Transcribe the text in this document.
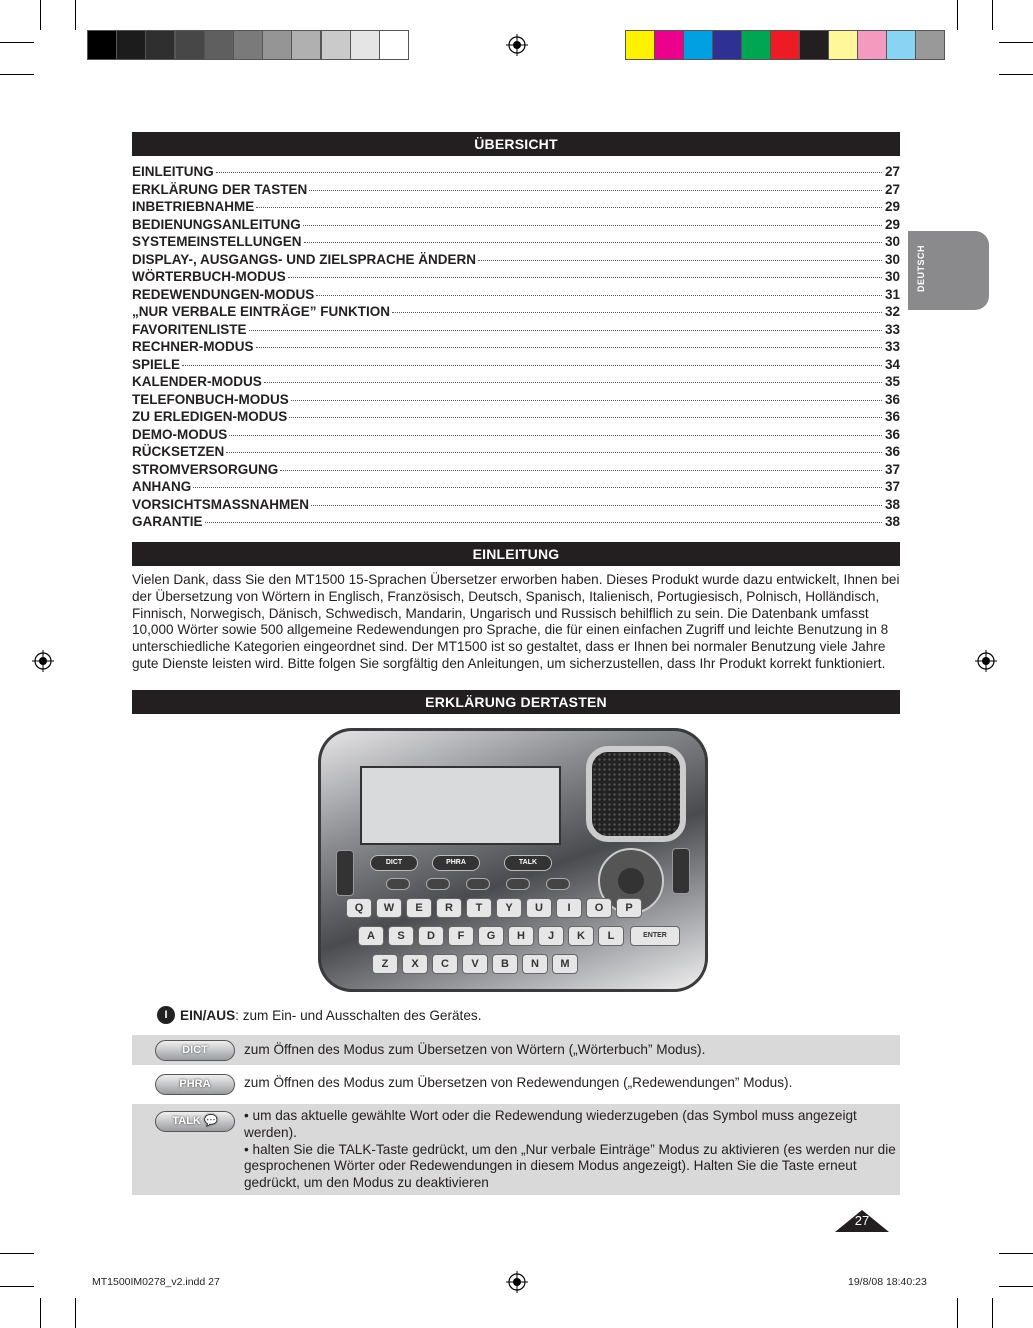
DEUTSCH
ÜBERSICHT
EINLEITUNG	27
ERKLÄRUNG DER TASTEN	27
INBETRIEBNAHME	29
BEDIENUNGSANLEITUNG	29
SYSTEMEINSTELLUNGEN	30
DISPLAY-, AUSGANGS- UND ZIELSPRACHE ÄNDERN	30
WÖRTERBUCH-MODUS	30
REDEWENDUNGEN-MODUS	31
„NUR VERBALE EINTRÄGE” FUNKTION	32
FAVORITENLISTE	33
RECHNER-MODUS	33
SPIELE	34
KALENDER-MODUS	35
TELEFONBUCH-MODUS	36
ZU ERLEDIGEN-MODUS	36
DEMO-MODUS	36
RÜCKSETZEN	36
STROMVERSORGUNG	37
ANHANG	37
VORSICHTSMASSNAHMEN	38
GARANTIE	38
EINLEITUNG
Vielen Dank, dass Sie den MT1500 15-Sprachen Übersetzer erworben haben. Dieses Produkt wurde dazu entwickelt, Ihnen bei der Übersetzung von Wörtern in Englisch, Französisch, Deutsch, Spanisch, Italienisch, Portugiesisch, Polnisch, Holländisch, Finnisch, Norwegisch, Dänisch, Schwedisch, Mandarin, Ungarisch und Russisch behilflich zu sein. Die Datenbank umfasst 10,000 Wörter sowie 500 allgemeine Redewendungen pro Sprache, die für einen einfachen Zugriff und leichte Benutzung in 8 unterschiedliche Kategorien eingeordnet sind. Der MT1500 ist so gestaltet, dass er Ihnen bei normaler Benutzung viele Jahre gute Dienste leisten wird. Bitte folgen Sie sorgfältig den Anleitungen, um sicherzustellen, dass Ihr Produkt korrekt funktioniert.
ERKLÄRUNG DERTASTEN
DICT	PHRA	TALK
Q	W	E	R	T	Y	U	I	O	P
A	S	D	F	G	H	J	K	L
Z	X	C	V	B	N	M
ENTER
I EIN/AUS: zum Ein- und Ausschalten des Gerätes.
DICT	zum Öffnen des Modus zum Übersetzen von Wörtern („Wörterbuch” Modus).
PHRA	zum Öffnen des Modus zum Übersetzen von Redewendungen („Redewendungen” Modus).
TALK 💬	• um das aktuelle gewählte Wort oder die Redewendung wiederzugeben (das Symbol muss angezeigt werden).
• halten Sie die TALK-Taste gedrückt, um den „Nur verbale Einträge” Modus zu aktivieren (es werden nur die gesprochenen Wörter oder Redewendungen in diesem Modus angezeigt). Halten Sie die Taste erneut gedrückt, um den Modus zu deaktivieren
27
MT1500IM0278_v2.indd 27	19/8/08 18:40:23
